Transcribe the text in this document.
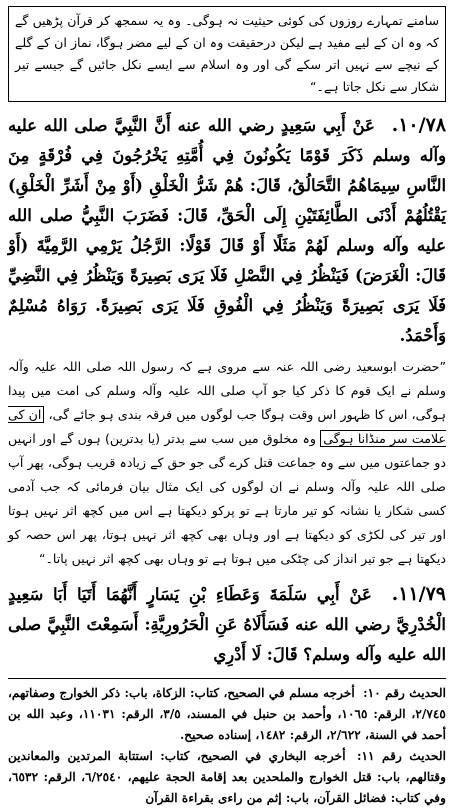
سامنے تمہارے روزوں کی کوئی حیثیت نہ ہوگی۔ وہ یہ سمجھ کر قرآن پڑھیں گے کہ وہ ان کے لیے مفید ہے لیکن درحقیقت وہ ان کے لیے مضر ہوگا، نماز ان کے گلے کے نیچے سے نہیں اتر سکے گی اور وہ اسلام سے ایسے نکل جائیں گے جیسے تیر شکار سے نکل جاتا ہے۔“
۱۰/۷۸. عَنْ أَبِي سَعِيدٍ رضي الله عنه أَنَّ النَّبِيَّ صلى الله عليه وآله وسلم ذَكَرَ قَوْمًا يَكُونُونَ فِي أُمَّتِهِ يَخْرُجُونَ فِي فُرْقَةٍ مِنَ النَّاسِ سِيمَاهُمُ التَّحَالُقُ، قَالَ: هُمْ شَرُّ الْخَلْقِ (أَوْ مِنْ أَشَرِّ الْخَلْقِ) يَقْتُلُهُمْ أَدْنَى الطَّائِفَتَيْنِ إِلَى الْحَقِّ، قَالَ: فَضَرَبَ النَّبِيُّ صلى الله عليه وآله وسلم لَهُمْ مَثَلًا أَوْ قَالَ قَوْلًا: الرَّجُلُ يَرْمِي الرَّمِيَّةَ (أَوْ قَالَ: الْغَرَضَ) فَيَنْظُرُ فِي النَّصْلِ فَلَا يَرَى بَصِيرَةً وَيَنْظُرُ فِي النَّضِيِّ فَلَا يَرَى بَصِيرَةً وَيَنْظُرُ فِي الْفُوقِ فَلَا يَرَى بَصِيرَةً. رَوَاهُ مُسْلِمٌ وَأَحْمَدُ.
”حضرت ابوسعید رضی اللہ عنہ سے مروی ہے کہ رسول اللہ صلی اللہ علیہ وآلہ وسلم نے ایک قوم کا ذکر کیا جو آپ صلی اللہ علیہ وآلہ وسلم کی امت میں پیدا ہوگی، اس کا ظہور اس وقت ہوگا جب لوگوں میں فرقہ بندی ہو جائے گی، ان کی علامت سر منڈانا ہوگی وہ مخلوق میں سب سے بدتر (یا بدترین) ہوں گے اور انہیں دو جماعتوں میں سے وہ جماعت قتل کرے گی جو حق کے زیادہ قریب ہوگی، پھر آپ صلی اللہ علیہ وآلہ وسلم نے ان لوگوں کی ایک مثال بیان فرمائی کہ جب آدمی کسی شکار یا نشانہ کو تیر مارتا ہے تو پرکو دیکھتا ہے اس میں کچھ اثر نہیں ہوتا اور تیر کی لکڑی کو دیکھتا ہے اور وہاں بھی کچھ اثر نہیں ہوتا، پھر اس حصہ کو دیکھتا ہے جو تیر انداز کی چٹکی میں ہوتا ہے تو وہاں بھی کچھ اثر نہیں پاتا۔“
۱۱/۷۹. عَنْ أَبِي سَلَمَةَ وَعَطَاءِ بْنِ يَسَارٍ أَنَّهُمَا أَتَيَا أَبَا سَعِيدٍ الْخُدْرِيَّ رضي الله عنه فَسَأَلَاهُ عَنِ الْحَرُورِيَّةِ: أَسَمِعْتَ النَّبِيَّ صلى الله عليه وآله وسلم؟ قَالَ: لَا أَدْرِي
الحديث رقم ١٠: أخرجه مسلم في الصحيح، كتاب: الزكاة، باب: ذكر الخوارج وصفاتهم، ٢/٧٤٥، الرقم: ١٠٦٥، وأحمد بن حنبل في المسند، ٣/٥، الرقم: ١١٠٣١، وعبد الله بن أحمد في السنة، ٢/٦٢٢، الرقم: ١٤٨٢، إسناده صحيح.
الحديث رقم ١١: أخرجه البخاري في الصحيح، كتاب: استتابة المرتدين والمعاندين وقتالهم، باب: قتل الخوارج والملحدين بعد إقامة الحجة عليهم، ٦/٢٥٤٠، الرقم: ٦٥٣٢، وفي كتاب: فضائل القرآن، باب: إثم من راءى بقراءة القرآن
